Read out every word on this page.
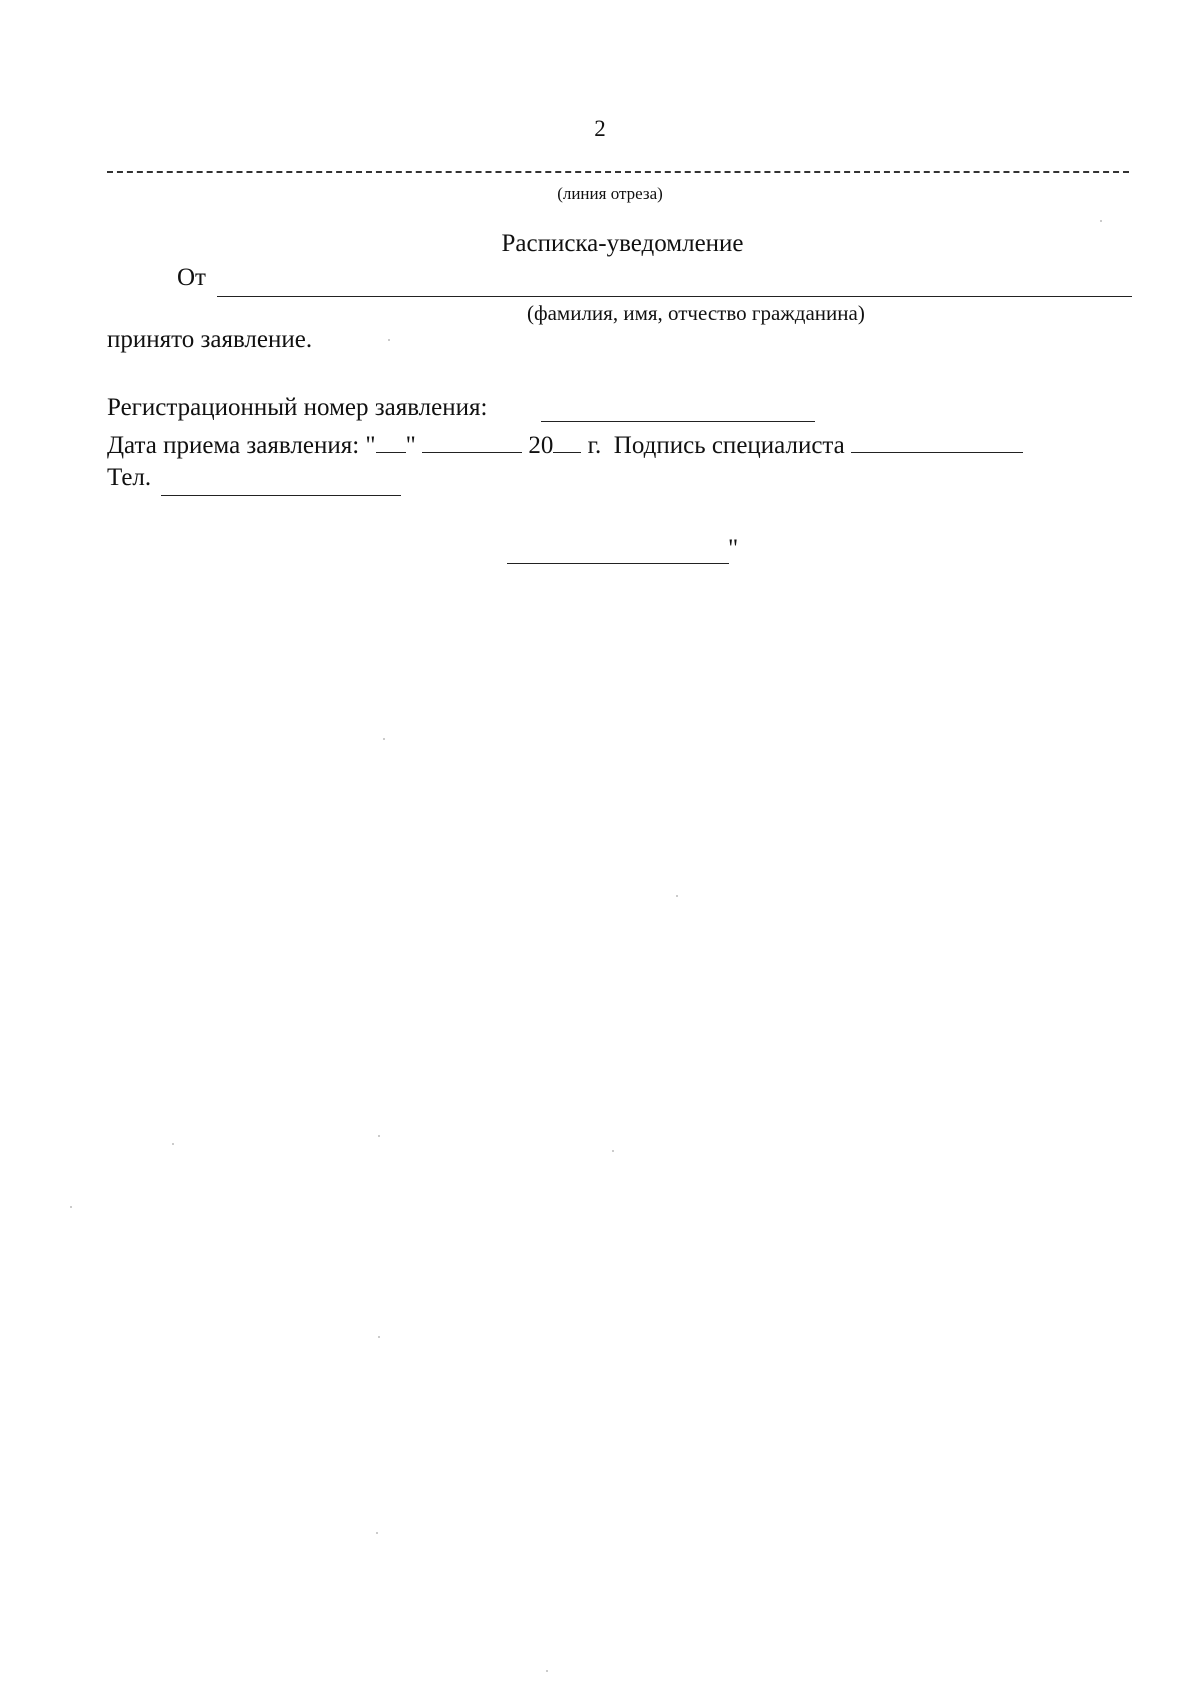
2
(линия отреза)
Расписка-уведомление
От
(фамилия, имя, отчество гражданина)
принято заявление.
Регистрационный номер заявления:
Дата приема заявления: " "	20 г. Подпись специалиста
Тел.
"
